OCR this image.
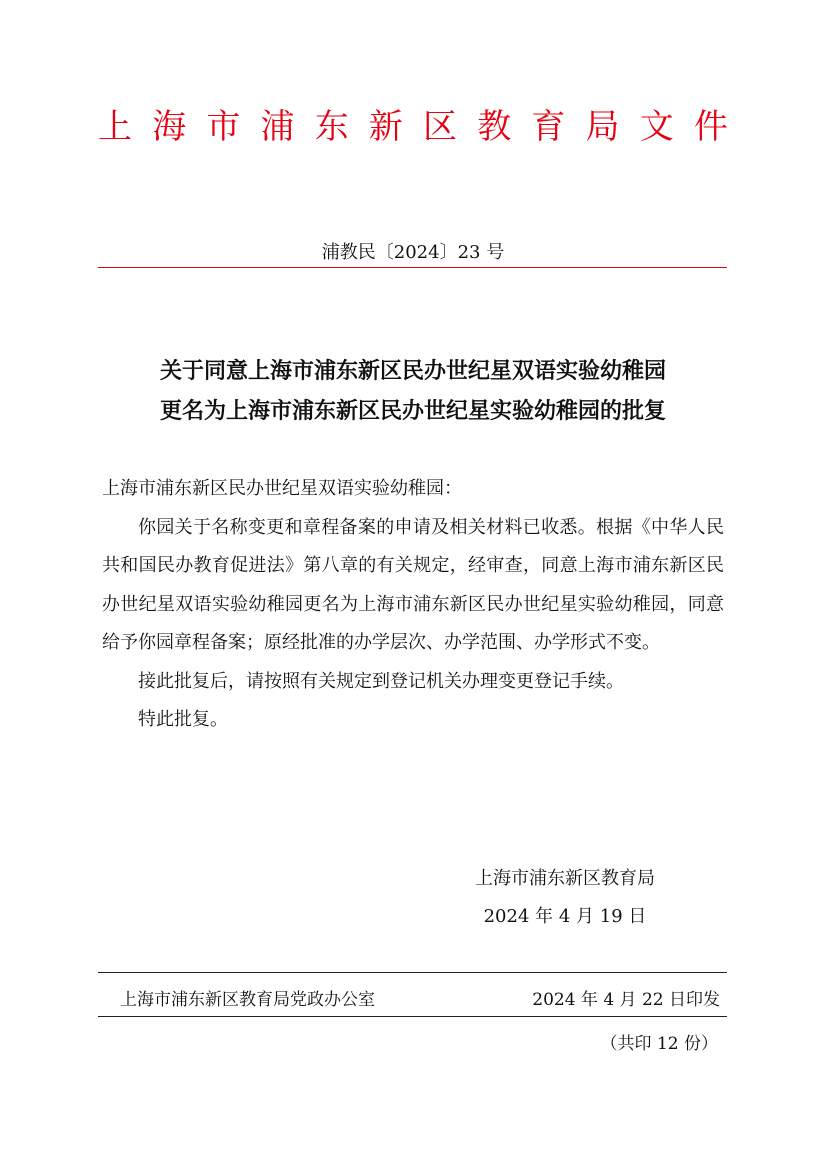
上 海 市 浦 东 新 区 教 育 局 文 件
浦教民〔2024〕23 号
关于同意上海市浦东新区民办世纪星双语实验幼稚园
更名为上海市浦东新区民办世纪星实验幼稚园的批复

上海市浦东新区民办世纪星双语实验幼稚园：

你园关于名称变更和章程备案的申请及相关材料已收悉。根据《中华人民共和国民办教育促进法》第八章的有关规定，经审查，同意上海市浦东新区民办世纪星双语实验幼稚园更名为上海市浦东新区民办世纪星实验幼稚园，同意给予你园章程备案；原经批准的办学层次、办学范围、办学形式不变。

接此批复后，请按照有关规定到登记机关办理变更登记手续。

特此批复。

上海市浦东新区教育局
2024 年 4 月 19 日
上海市浦东新区教育局党政办公室	2024 年 4 月 22 日印发
（共印 12 份）
